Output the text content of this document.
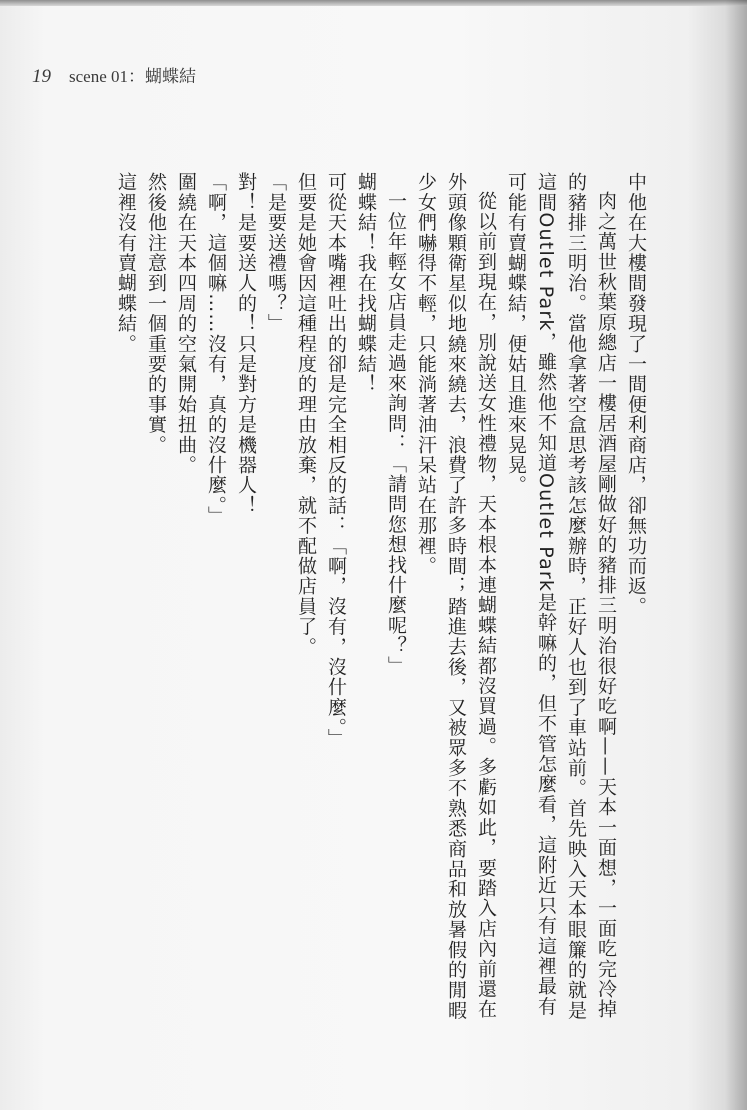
19 scene 01：蝴蝶結

中他在大樓間發現了一間便利商店，卻無功而返。

肉之萬世秋葉原總店一樓居酒屋剛做好的豬排三明治很好吃啊——天本一面想，一面吃完冷掉的豬排三明治。當他拿著空盒思考該怎麼辦時，正好人也到了車站前。首先映入天本眼簾的就是這間Outlet Park，雖然他不知道Outlet Park是幹嘛的，但不管怎麼看，這附近只有這裡最有可能有賣蝴蝶結，便姑且進來晃晃。

從以前到現在，別說送女性禮物，天本根本連蝴蝶結都沒買過。多虧如此，要踏入店內前還在外頭像顆衛星似地繞來繞去，浪費了許多時間；踏進去後，又被眾多不熟悉商品和放暑假的閒暇少女們嚇得不輕，只能淌著油汗呆站在那裡。

一位年輕女店員走過來詢問：「請問您想找什麼呢？」

蝴蝶結！我在找蝴蝶結！

可從天本嘴裡吐出的卻是完全相反的話：「啊，沒有，沒什麼。」

但要是她會因這種程度的理由放棄，就不配做店員了。

「是要送禮嗎？」

對！是要送人的！只是對方是機器人！

「啊，這個嘛……沒有，真的沒什麼。」

圍繞在天本四周的空氣開始扭曲。

然後他注意到一個重要的事實。

這裡沒有賣蝴蝶結。
